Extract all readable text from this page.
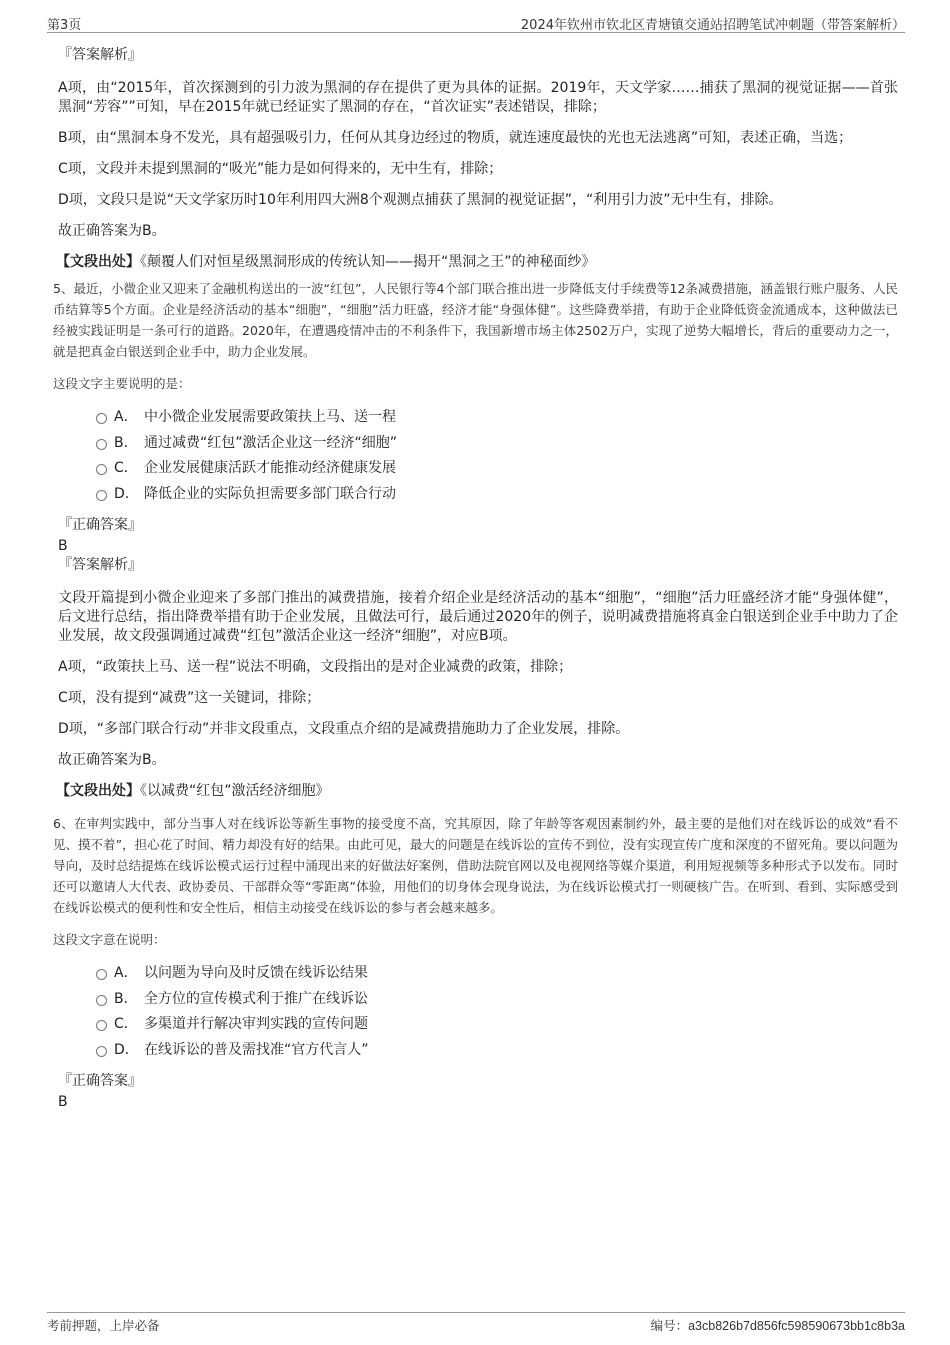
第3页	2024年钦州市钦北区青塘镇交通站招聘笔试冲刺题（带答案解析）

『答案解析』

A项，由“2015年，首次探测到的引力波为黑洞的存在提供了更为具体的证据。2019年，天文学家……捕获了黑洞的视觉证据——首张黑洞“芳容””可知，早在2015年就已经证实了黑洞的存在，“首次证实”表述错误，排除；

B项，由“黑洞本身不发光，具有超强吸引力，任何从其身边经过的物质，就连速度最快的光也无法逃离”可知，表述正确，当选；

C项，文段并未提到黑洞的“吸光”能力是如何得来的，无中生有，排除；

D项，文段只是说“天文学家历时10年利用四大洲8个观测点捕获了黑洞的视觉证据”，“利用引力波”无中生有，排除。

故正确答案为B。

【文段出处】《颠覆人们对恒星级黑洞形成的传统认知——揭开“黑洞之王”的神秘面纱》

5、最近，小微企业又迎来了金融机构送出的一波“红包”，人民银行等4个部门联合推出进一步降低支付手续费等12条减费措施，涵盖银行账户服务、人民币结算等5个方面。企业是经济活动的基本“细胞”，“细胞”活力旺盛，经济才能“身强体健”。这些降费举措，有助于企业降低资金流通成本，这种做法已经被实践证明是一条可行的道路。2020年，在遭遇疫情冲击的不利条件下，我国新增市场主体2502万户，实现了逆势大幅增长，背后的重要动力之一，就是把真金白银送到企业手中，助力企业发展。

这段文字主要说明的是：

A． 中小微企业发展需要政策扶上马、送一程
B． 通过减费“红包”激活企业这一经济“细胞”
C． 企业发展健康活跃才能推动经济健康发展
D． 降低企业的实际负担需要多部门联合行动

『正确答案』

B

『答案解析』

文段开篇提到小微企业迎来了多部门推出的减费措施，接着介绍企业是经济活动的基本“细胞”，“细胞”活力旺盛经济才能“身强体健”，后文进行总结，指出降费举措有助于企业发展，且做法可行，最后通过2020年的例子，说明减费措施将真金白银送到企业手中助力了企业发展，故文段强调通过减费“红包”激活企业这一经济“细胞”，对应B项。

A项，“政策扶上马、送一程”说法不明确，文段指出的是对企业减费的政策，排除；

C项，没有提到“减费”这一关键词，排除；

D项，“多部门联合行动”并非文段重点，文段重点介绍的是减费措施助力了企业发展，排除。

故正确答案为B。

【文段出处】《以减费“红包”激活经济细胞》

6、在审判实践中，部分当事人对在线诉讼等新生事物的接受度不高，究其原因，除了年龄等客观因素制约外，最主要的是他们对在线诉讼的成效“看不见、摸不着”，担心花了时间、精力却没有好的结果。由此可见，最大的问题是在线诉讼的宣传不到位，没有实现宣传广度和深度的不留死角。要以问题为导向，及时总结提炼在线诉讼模式运行过程中涌现出来的好做法好案例，借助法院官网以及电视网络等媒介渠道，利用短视频等多种形式予以发布。同时还可以邀请人大代表、政协委员、干部群众等“零距离”体验，用他们的切身体会现身说法，为在线诉讼模式打一则硬核广告。在听到、看到、实际感受到在线诉讼模式的便利性和安全性后，相信主动接受在线诉讼的参与者会越来越多。

这段文字意在说明：

A． 以问题为导向及时反馈在线诉讼结果
B． 全方位的宣传模式利于推广在线诉讼
C． 多渠道并行解决审判实践的宣传问题
D． 在线诉讼的普及需找准“官方代言人”

『正确答案』

B

考前押题，上岸必备	编号：a3cb826b7d856fc598590673bb1c8b3a
